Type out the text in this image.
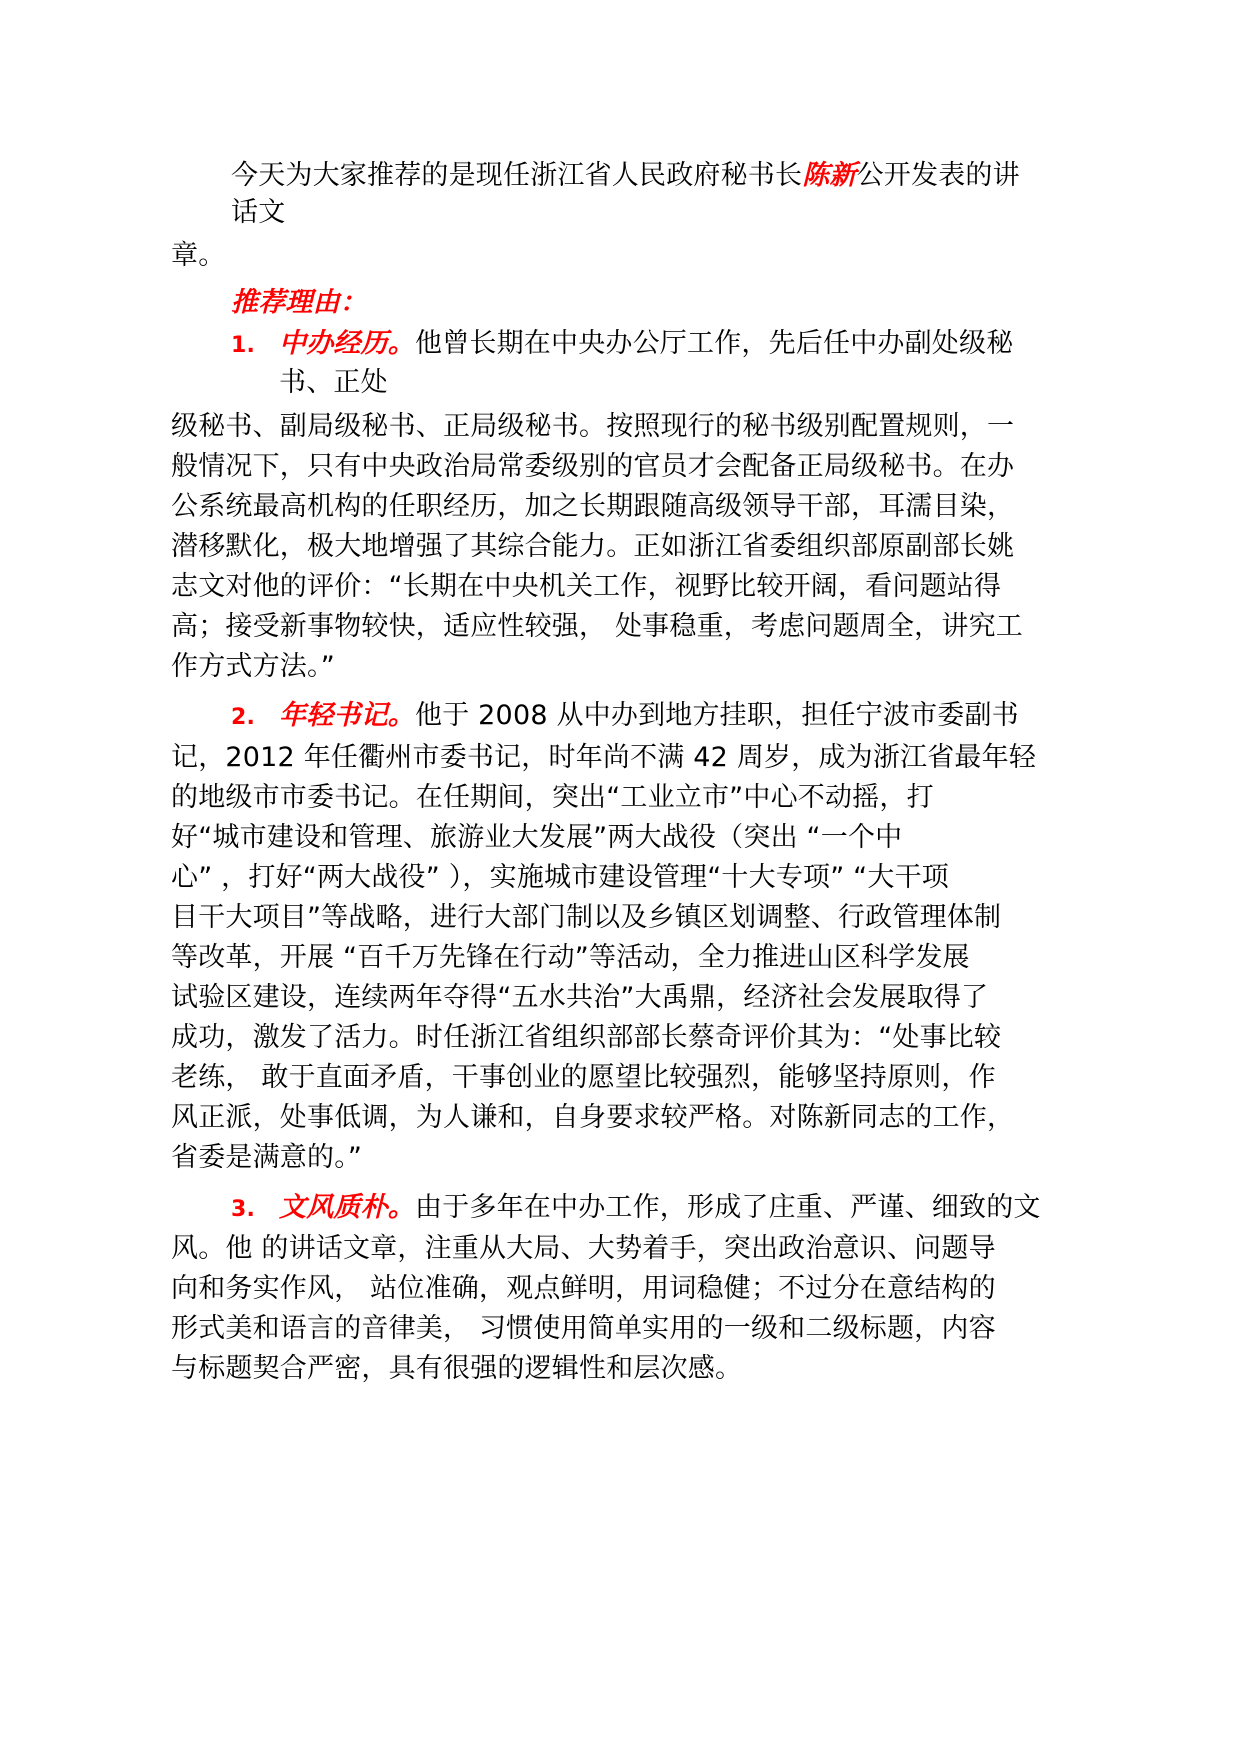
今天为大家推荐的是现任浙江省人民政府秘书长陈新公开发表的讲
话文
章。
推荐理由：
1. 中办经历。他曾长期在中央办公厅工作，先后任中办副处级秘
书、正处
级秘书、副局级秘书、正局级秘书。按照现行的秘书级别配置规则，一
般情况下，只有中央政治局常委级别的官员才会配备正局级秘书。在办
公系统最高机构的任职经历，加之长期跟随高级领导干部，耳濡目染，
潜移默化，极大地增强了其综合能力。正如浙江省委组织部原副部长姚
志文对他的评价：“长期在中央机关工作，视野比较开阔，看问题站得
高；接受新事物较快，适应性较强， 处事稳重，考虑问题周全，讲究工
作方式方法。”
2. 年轻书记。他于 2008 从中办到地方挂职，担任宁波市委副书
记，2012 年任衢州市委书记，时年尚不满 42 周岁，成为浙江省最年轻
的地级市市委书记。在任期间，突出“工业立市”中心不动摇，打
好“城市建设和管理、旅游业大发展”两大战役（突出 “一个中
心” ，打好“两大战役” ），实施城市建设管理“十大专项” “大干项
目干大项目”等战略，进行大部门制以及乡镇区划调整、行政管理体制
等改革，开展 “百千万先锋在行动”等活动，全力推进山区科学发展
试验区建设，连续两年夺得“五水共治”大禹鼎，经济社会发展取得了
成功，激发了活力。时任浙江省组织部部长蔡奇评价其为：“处事比较
老练， 敢于直面矛盾，干事创业的愿望比较强烈，能够坚持原则，作
风正派，处事低调，为人谦和，自身要求较严格。对陈新同志的工作，
省委是满意的。”
3. 文风质朴。由于多年在中办工作，形成了庄重、严谨、细致的文
风。他 的讲话文章，注重从大局、大势着手，突出政治意识、问题导
向和务实作风， 站位准确，观点鲜明，用词稳健；不过分在意结构的
形式美和语言的音律美， 习惯使用简单实用的一级和二级标题，内容
与标题契合严密，具有很强的逻辑性和层次感。
